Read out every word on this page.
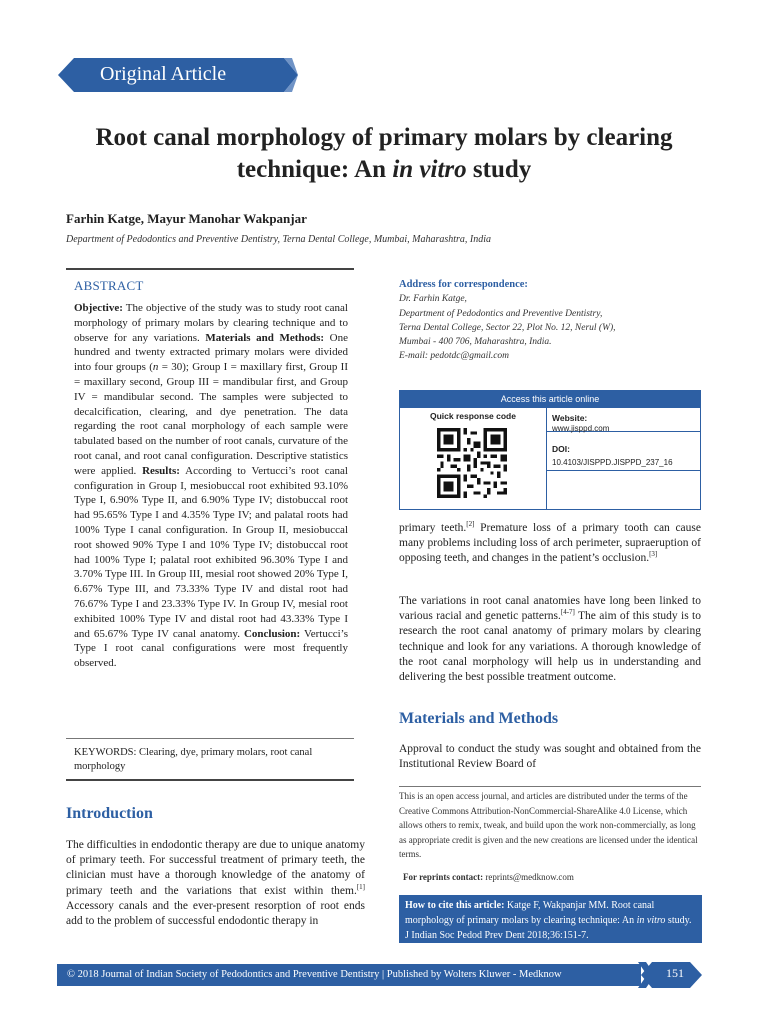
Original Article
Root canal morphology of primary molars by clearing
technique: An in vitro study
Farhin Katge, Mayur Manohar Wakpanjar
Department of Pedodontics and Preventive Dentistry, Terna Dental College, Mumbai, Maharashtra, India
ABSTRACT
Objective: The objective of the study was to study root canal morphology of primary molars by clearing technique and to observe for any variations. Materials and Methods: One hundred and twenty extracted primary molars were divided into four groups (n = 30); Group I = maxillary first, Group II = maxillary second, Group III = mandibular first, and Group IV = mandibular second. The samples were subjected to decalcification, clearing, and dye penetration. The data regarding the root canal morphology of each sample were tabulated based on the number of root canals, curvature of the root canal, and root canal configuration. Descriptive statistics were applied. Results: According to Vertucci’s root canal configuration in Group I, mesiobuccal root exhibited 93.10% Type I, 6.90% Type II, and 6.90% Type IV; distobuccal root had 95.65% Type I and 4.35% Type IV; and palatal roots had 100% Type I canal configuration. In Group II, mesiobuccal root showed 90% Type I and 10% Type IV; distobuccal root had 100% Type I; palatal root exhibited 96.30% Type I and 3.70% Type III. In Group III, mesial root showed 20% Type I, 6.67% Type III, and 73.33% Type IV and distal root had 76.67% Type I and 23.33% Type IV. In Group IV, mesial root exhibited 100% Type IV and distal root had 43.33% Type I and 65.67% Type IV canal anatomy. Conclusion: Vertucci’s Type I root canal configurations were most frequently observed.
KEYWORDS: Clearing, dye, primary molars, root canal morphology
Introduction
The difficulties in endodontic therapy are due to unique anatomy of primary teeth. For successful treatment of primary teeth, the clinician must have a thorough knowledge of the anatomy of primary teeth and the variations that exist within them.[1] Accessory canals and the ever-present resorption of root ends add to the problem of successful endodontic therapy in
Address for correspondence:
Dr. Farhin Katge,
Department of Pedodontics and Preventive Dentistry,
Terna Dental College, Sector 22, Plot No. 12, Nerul (W),
Mumbai - 400 706, Maharashtra, India.
E-mail: pedotdc@gmail.com
Access this article online
Quick response code	Website:
www.jisppd.com
DOI:
10.4103/JISPPD.JISPPD_237_16
primary teeth.[2] Premature loss of a primary tooth can cause many problems including loss of arch perimeter, supraeruption of opposing teeth, and changes in the patient’s occlusion.[3]
The variations in root canal anatomies have long been linked to various racial and genetic patterns.[4-7] The aim of this study is to research the root canal anatomy of primary molars by clearing technique and look for any variations. A thorough knowledge of the root canal morphology will help us in understanding and delivering the best possible treatment outcome.
Materials and Methods
Approval to conduct the study was sought and obtained from the Institutional Review Board of
This is an open access journal, and articles are distributed under the terms of the Creative Commons Attribution-NonCommercial-ShareAlike 4.0 License, which allows others to remix, tweak, and build upon the work non-commercially, as long as appropriate credit is given and the new creations are licensed under the identical terms.
For reprints contact: reprints@medknow.com
How to cite this article: Katge F, Wakpanjar MM. Root canal morphology of primary molars by clearing technique: An in vitro study. J Indian Soc Pedod Prev Dent 2018;36:151-7.
© 2018 Journal of Indian Society of Pedodontics and Preventive Dentistry | Published by Wolters Kluwer - Medknow	151
